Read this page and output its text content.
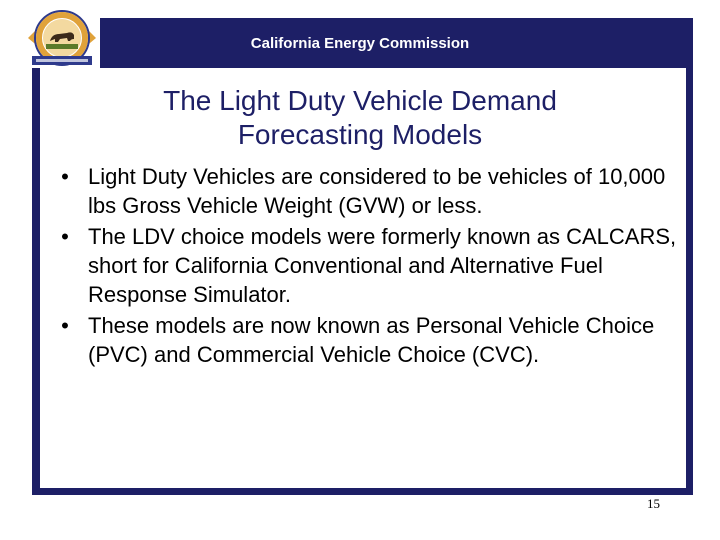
California Energy Commission
The Light Duty Vehicle Demand
Forecasting Models
• Light Duty Vehicles are considered to be vehicles of 10,000 lbs Gross Vehicle Weight (GVW) or less.
• The LDV choice models were formerly known as CALCARS, short for California Conventional and Alternative Fuel Response Simulator.
• These models are now known as Personal Vehicle Choice (PVC) and Commercial Vehicle Choice (CVC).
15
